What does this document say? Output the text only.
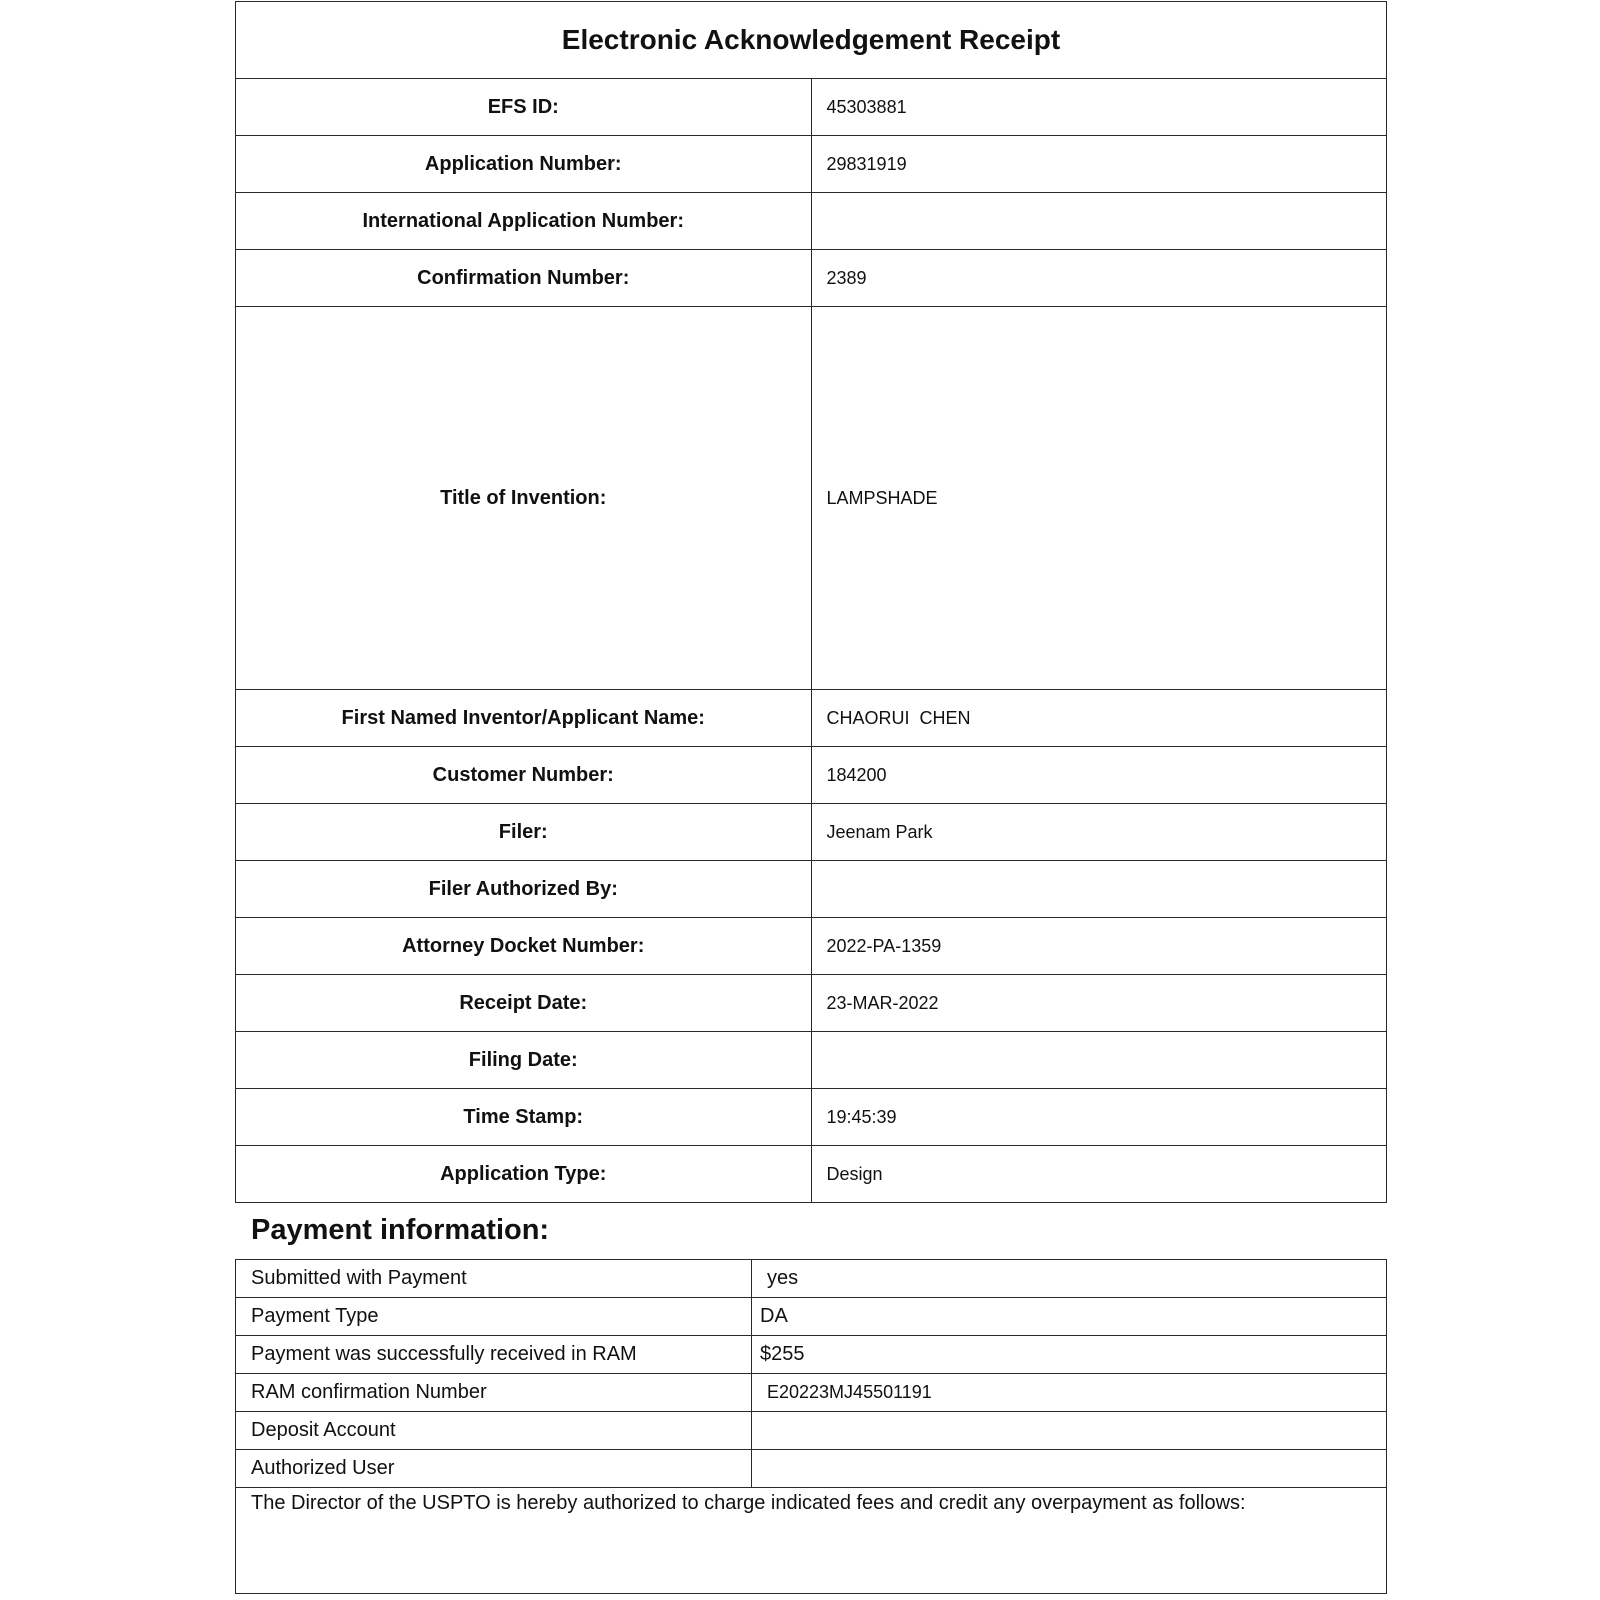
Electronic Acknowledgement Receipt	
EFS ID:	45303881
Application Number:	29831919
International Application Number:	
Confirmation Number:	2389
Title of Invention:	LAMPSHADE
First Named Inventor/Applicant Name:	CHAORUI  CHEN
Customer Number:	184200
Filer:	Jeenam Park
Filer Authorized By:	
Attorney Docket Number:	2022-PA-1359
Receipt Date:	23-MAR-2022
Filing Date:	
Time Stamp:	19:45:39
Application Type:	Design
Payment information:
Submitted with Payment	yes
Payment Type	DA
Payment was successfully received in RAM	$255
RAM confirmation Number	E20223MJ45501191
Deposit Account	
Authorized User	
The Director of the USPTO is hereby authorized to charge indicated fees and credit any overpayment as follows:	
